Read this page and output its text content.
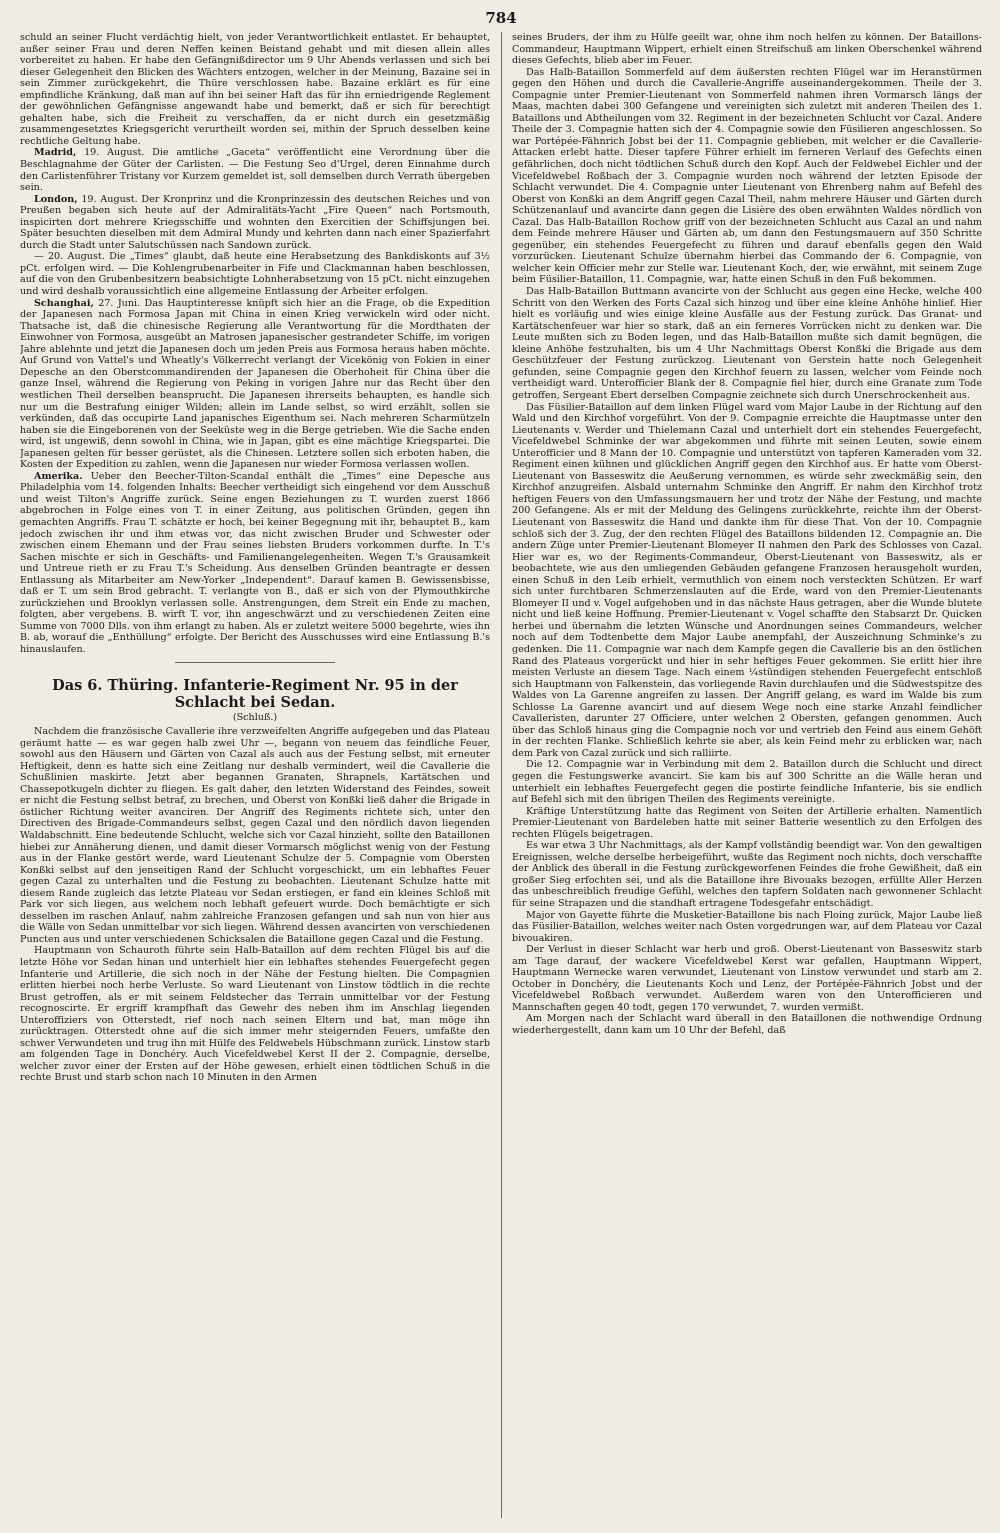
784

schuld an seiner Flucht verdächtig hielt, von jeder Verantwortlichkeit entlastet. Er behauptet, außer seiner Frau und deren Neffen keinen Beistand gehabt und mit diesen allein alles vorbereitet zu haben. Er habe den Gefängnißdirector um 9 Uhr Abends verlassen und sich bei dieser Gelegenheit den Blicken des Wächters entzogen, welcher in der Meinung, Bazaine sei in sein Zimmer zurückgekehrt, die Thüre verschlossen habe. Bazaine erklärt es für eine empfindliche Kränkung, daß man auf ihn bei seiner Haft das für ihn erniedrigende Reglement der gewöhnlichen Gefängnisse angewandt habe und bemerkt, daß er sich für berechtigt gehalten habe, sich die Freiheit zu verschaffen, da er nicht durch ein gesetzmäßig zusammengesetztes Kriegsgericht verurtheilt worden sei, mithin der Spruch desselben keine rechtliche Geltung habe.

Madrid, 19. August. Die amtliche „Gaceta“ veröffentlicht eine Verordnung über die Beschlagnahme der Güter der Carlisten. — Die Festung Seo d'Urgel, deren Einnahme durch den Carlistenführer Tristany vor Kurzem gemeldet ist, soll demselben durch Verrath übergeben sein.

London, 19. August. Der Kronprinz und die Kronprinzessin des deutschen Reiches und von Preußen begaben sich heute auf der Admiralitäts-Yacht „Fire Queen“ nach Portsmouth, inspicirten dort mehrere Kriegsschiffe und wohnten den Exercitien der Schiffsjungen bei. Später besuchten dieselben mit dem Admiral Mundy und kehrten dann nach einer Spazierfahrt durch die Stadt unter Salutschüssen nach Sandown zurück.

— 20. August. Die „Times“ glaubt, daß heute eine Herabsetzung des Bankdiskonts auf 3½ pCt. erfolgen wird. — Die Kohlengrubenarbeiter in Fife und Clackmannan haben beschlossen, auf die von den Grubenbesitzern beabsichtigte Lohnherabsetzung von 15 pCt. nicht einzugehen und wird deshalb voraussichtlich eine allgemeine Entlassung der Arbeiter erfolgen.

Schanghai, 27. Juni. Das Hauptinteresse knüpft sich hier an die Frage, ob die Expedition der Japanesen nach Formosa Japan mit China in einen Krieg verwickeln wird oder nicht. Thatsache ist, daß die chinesische Regierung alle Verantwortung für die Mordthaten der Einwohner von Formosa, ausgeübt an Matrosen japanesischer gestrandeter Schiffe, im vorigen Jahre ablehnte und jetzt die Japanesen doch um jeden Preis aus Formosa heraus haben möchte. Auf Grund von Vattel's und Wheatly's Völkerrecht verlangt der Vicekönig von Fokien in einer Depesche an den Oberstcommandirenden der Japanesen die Oberhoheit für China über die ganze Insel, während die Regierung von Peking in vorigen Jahre nur das Recht über den westlichen Theil derselben beansprucht. Die Japanesen ihrerseits behaupten, es handle sich nur um die Bestrafung einiger Wilden; allein im Lande selbst, so wird erzählt, sollen sie verkünden, daß das occupirte Land japanisches Eigenthum sei. Nach mehreren Scharmützeln haben sie die Eingeborenen von der Seeküste weg in die Berge getrieben. Wie die Sache enden wird, ist ungewiß, denn sowohl in China, wie in Japan, gibt es eine mächtige Kriegspartei. Die Japanesen gelten für besser gerüstet, als die Chinesen. Letztere sollen sich erboten haben, die Kosten der Expedition zu zahlen, wenn die Japanesen nur wieder Formosa verlassen wollen.

Amerika. Ueber den Beecher-Tilton-Scandal enthält die „Times“ eine Depesche aus Philadelphia vom 14. folgenden Inhalts: Beecher vertheidigt sich eingehend vor dem Ausschuß und weist Tilton's Angriffe zurück. Seine engen Beziehungen zu T. wurden zuerst 1866 abgebrochen in Folge eines von T. in einer Zeitung, aus politischen Gründen, gegen ihn gemachten Angriffs. Frau T. schätzte er hoch, bei keiner Begegnung mit ihr, behauptet B., kam jedoch zwischen ihr und ihm etwas vor, das nicht zwischen Bruder und Schwester oder zwischen einem Ehemann und der Frau seines liebsten Bruders vorkommen durfte. In T.'s Sachen mischte er sich in Geschäfts- und Familienangelegenheiten. Wegen T.'s Grausamkeit und Untreue rieth er zu Frau T.'s Scheidung. Aus denselben Gründen beantragte er dessen Entlassung als Mitarbeiter am New-Yorker „Independent“. Darauf kamen B. Gewissensbisse, daß er T. um sein Brod gebracht. T. verlangte von B., daß er sich von der Plymouthkirche zurückziehen und Brooklyn verlassen solle. Anstrengungen, dem Streit ein Ende zu machen, folgten, aber vergebens. B. wirft T. vor, ihn angeschwärzt und zu verschiedenen Zeiten eine Summe von 7000 Dlls. von ihm erlangt zu haben. Als er zuletzt weitere 5000 begehrte, wies ihn B. ab, worauf die „Enthüllung“ erfolgte. Der Bericht des Ausschusses wird eine Entlassung B.'s hinauslaufen.

Das 6. Thüring. Infanterie-Regiment Nr. 95 in der Schlacht bei Sedan.
(Schluß.)

Nachdem die französische Cavallerie ihre verzweifelten Angriffe aufgegeben und das Plateau geräumt hatte — es war gegen halb zwei Uhr —, begann von neuem das feindliche Feuer, sowohl aus den Häusern und Gärten von Cazal als auch aus der Festung selbst, mit erneuter Heftigkeit, denn es hatte sich eine Zeitlang nur deshalb vermindert, weil die Cavallerie die Schußlinien maskirte. Jetzt aber begannen Granaten, Shrapnels, Kartätschen und Chassepotkugeln dichter zu fliegen. Es galt daher, den letzten Widerstand des Feindes, soweit er nicht die Festung selbst betraf, zu brechen, und Oberst von Konßki ließ daher die Brigade in östlicher Richtung weiter avanciren. Der Angriff des Regiments richtete sich, unter den Directiven des Brigade-Commandeurs selbst, gegen Cazal und den nördlich davon liegenden Waldabschnitt. Eine bedeutende Schlucht, welche sich vor Cazal hinzieht, sollte den Bataillonen hiebei zur Annäherung dienen, und damit dieser Vormarsch möglichst wenig von der Festung aus in der Flanke gestört werde, ward Lieutenant Schulze der 5. Compagnie vom Obersten Konßki selbst auf den jenseitigen Rand der Schlucht vorgeschickt, um ein lebhaftes Feuer gegen Cazal zu unterhalten und die Festung zu beobachten. Lieutenant Schulze hatte mit diesem Rande zugleich das letzte Plateau vor Sedan erstiegen, er fand ein kleines Schloß mit Park vor sich liegen, aus welchem noch lebhaft gefeuert wurde. Doch bemächtigte er sich desselben im raschen Anlauf, nahm zahlreiche Franzosen gefangen und sah nun von hier aus die Wälle von Sedan unmittelbar vor sich liegen. Während dessen avancirten von verschiedenen Puncten aus und unter verschiedenen Schicksalen die Bataillone gegen Cazal und die Festung.

Hauptmann von Schauroth führte sein Halb-Bataillon auf dem rechten Flügel bis auf die letzte Höhe vor Sedan hinan und unterhielt hier ein lebhaftes stehendes Feuergefecht gegen Infanterie und Artillerie, die sich noch in der Nähe der Festung hielten. Die Compagnien erlitten hierbei noch herbe Verluste. So ward Lieutenant von Linstow tödtlich in die rechte Brust getroffen, als er mit seinem Feldstecher das Terrain unmittelbar vor der Festung recognoscirte. Er ergriff krampfhaft das Gewehr des neben ihm im Anschlag liegenden Unteroffiziers von Otterstedt, rief noch nach seinen Eltern und bat, man möge ihn zurücktragen. Otterstedt ohne auf die sich immer mehr steigernden Feuers, umfaßte den schwer Verwundeten und trug ihn mit Hülfe des Feldwebels Hübschmann zurück. Linstow starb am folgenden Tage in Donchéry. Auch Vicefeldwebel Kerst II der 2. Compagnie, derselbe, welcher zuvor einer der Ersten auf der Höhe gewesen, erhielt einen tödtlichen Schuß in die rechte Brust und starb schon nach 10 Minuten in den Armen

seines Bruders, der ihm zu Hülfe geeilt war, ohne ihm noch helfen zu können. Der Bataillons-Commandeur, Hauptmann Wippert, erhielt einen Streifschuß am linken Oberschenkel während dieses Gefechts, blieb aber im Feuer.

Das Halb-Bataillon Sommerfeld auf dem äußersten rechten Flügel war im Heranstürmen gegen den Höhen und durch die Cavallerie-Angriffe auseinandergekommen. Theile der 3. Compagnie unter Premier-Lieutenant von Sommerfeld nahmen ihren Vormarsch längs der Maas, machten dabei 300 Gefangene und vereinigten sich zuletzt mit anderen Theilen des 1. Bataillons und Abtheilungen vom 32. Regiment in der bezeichneten Schlucht vor Cazal. Andere Theile der 3. Compagnie hatten sich der 4. Compagnie sowie den Füsilieren angeschlossen. So war Portépée-Fähnrich Jobst bei der 11. Compagnie geblieben, mit welcher er die Cavallerie-Attacken erlebt hatte. Dieser tapfere Führer erhielt im ferneren Verlauf des Gefechts einen gefährlichen, doch nicht tödtlichen Schuß durch den Kopf. Auch der Feldwebel Eichler und der Vicefeldwebel Roßbach der 3. Compagnie wurden noch während der letzten Episode der Schlacht verwundet. Die 4. Compagnie unter Lieutenant von Ehrenberg nahm auf Befehl des Oberst von Konßki an dem Angriff gegen Cazal Theil, nahm mehrere Häuser und Gärten durch Schützenanlauf und avancirte dann gegen die Lisière des oben erwähnten Waldes nördlich von Cazal. Das Halb-Bataillon Rochow griff von der bezeichneten Schlucht aus Cazal an und nahm dem Feinde mehrere Häuser und Gärten ab, um dann den Festungsmauern auf 350 Schritte gegenüber, ein stehendes Feuergefecht zu führen und darauf ebenfalls gegen den Wald vorzurücken. Lieutenant Schulze übernahm hierbei das Commando der 6. Compagnie, von welcher kein Officier mehr zur Stelle war. Lieutenant Koch, der, wie erwähnt, mit seinem Zuge beim Füsilier-Bataillon, 11. Compagnie, war, hatte einen Schuß in den Fuß bekommen.

Das Halb-Bataillon Buttmann avancirte von der Schlucht aus gegen eine Hecke, welche 400 Schritt von den Werken des Forts Cazal sich hinzog und über eine kleine Anhöhe hinlief. Hier hielt es vorläufig und wies einige kleine Ausfälle aus der Festung zurück. Das Granat- und Kartätschenfeuer war hier so stark, daß an ein ferneres Vorrücken nicht zu denken war. Die Leute mußten sich zu Boden legen, und das Halb-Bataillon mußte sich damit begnügen, die kleine Anhöhe festzuhalten, bis um 4 Uhr Nachmittags Oberst Konßki die Brigade aus dem Geschützfeuer der Festung zurückzog. Lieutenant von Gerstein hatte noch Gelegenheit gefunden, seine Compagnie gegen den Kirchhof feuern zu lassen, welcher vom Feinde noch vertheidigt ward. Unterofficier Blank der 8. Compagnie fiel hier, durch eine Granate zum Tode getroffen, Sergeant Ebert derselben Compagnie zeichnete sich durch Unerschrockenheit aus.

Das Füsilier-Bataillon auf dem linken Flügel ward vom Major Laube in der Richtung auf den Wald und den Kirchhof vorgeführt. Von der 9. Compagnie erreichte die Hauptmasse unter den Lieutenants v. Werder und Thielemann Cazal und unterhielt dort ein stehendes Feuergefecht, Vicefeldwebel Schminke der war abgekommen und führte mit seinen Leuten, sowie einem Unterofficier und 8 Mann der 10. Compagnie und unterstützt von tapferen Kameraden vom 32. Regiment einen kühnen und glücklichen Angriff gegen den Kirchhof aus. Er hatte vom Oberst-Lieutenant von Basseswitz die Aeußerung vernommen, es würde sehr zweckmäßig sein, den Kirchhof anzugreifen. Alsbald unternahm Schminke den Angriff. Er nahm den Kirchhof trotz heftigen Feuers von den Umfassungsmauern her und trotz der Nähe der Festung, und machte 200 Gefangene. Als er mit der Meldung des Gelingens zurückkehrte, reichte ihm der Oberst-Lieutenant von Basseswitz die Hand und dankte ihm für diese That. Von der 10. Compagnie schloß sich der 3. Zug, der den rechten Flügel des Bataillons bildenden 12. Compagnie an. Die andern Züge unter Premier-Lieutenant Blomeyer II nahmen den Park des Schlosses von Cazal. Hier war es, wo der Regiments-Commandeur, Oberst-Lieutenant von Basseswitz, als er beobachtete, wie aus den umliegenden Gebäuden gefangene Franzosen herausgeholt wurden, einen Schuß in den Leib erhielt, vermuthlich von einem noch versteckten Schützen. Er warf sich unter furchtbaren Schmerzenslauten auf die Erde, ward von den Premier-Lieutenants Blomeyer II und v. Vogel aufgehoben und in das nächste Haus getragen, aber die Wunde blutete nicht und ließ keine Hoffnung. Premier-Lieutenant v. Vogel schaffte den Stabsarzt Dr. Quicken herbei und übernahm die letzten Wünsche und Anordnungen seines Commandeurs, welcher noch auf dem Todtenbette dem Major Laube anempfahl, der Auszeichnung Schminke's zu gedenken. Die 11. Compagnie war nach dem Kampfe gegen die Cavallerie bis an den östlichen Rand des Plateaus vorgerückt und hier in sehr heftiges Feuer gekommen. Sie erlitt hier ihre meisten Verluste an diesem Tage. Nach einem ¼stündigen stehenden Feuergefecht entschloß sich Hauptmann von Falkenstein, das vorliegende Ravin durchlaufen und die Südwestspitze des Waldes von La Garenne angreifen zu lassen. Der Angriff gelang, es ward im Walde bis zum Schlosse La Garenne avancirt und auf diesem Wege noch eine starke Anzahl feindlicher Cavalleristen, darunter 27 Officiere, unter welchen 2 Obersten, gefangen genommen. Auch über das Schloß hinaus ging die Compagnie noch vor und vertrieb den Feind aus einem Gehöft in der rechten Flanke. Schließlich kehrte sie aber, als kein Feind mehr zu erblicken war, nach dem Park von Cazal zurück und sich ralliirte.

Die 12. Compagnie war in Verbindung mit dem 2. Bataillon durch die Schlucht und direct gegen die Festungswerke avancirt. Sie kam bis auf 300 Schritte an die Wälle heran und unterhielt ein lebhaftes Feuergefecht gegen die postirte feindliche Infanterie, bis sie endlich auf Befehl sich mit den übrigen Theilen des Regiments vereinigte.

Kräftige Unterstützung hatte das Regiment von Seiten der Artillerie erhalten. Namentlich Premier-Lieutenant von Bardeleben hatte mit seiner Batterie wesentlich zu den Erfolgen des rechten Flügels beigetragen.

Es war etwa 3 Uhr Nachmittags, als der Kampf vollständig beendigt war. Von den gewaltigen Ereignissen, welche derselbe herbeigeführt, wußte das Regiment noch nichts, doch verschaffte der Anblick des überall in die Festung zurückgeworfenen Feindes die frohe Gewißheit, daß ein großer Sieg erfochten sei, und als die Bataillone ihre Bivouaks bezogen, erfüllte Aller Herzen das unbeschreiblich freudige Gefühl, welches den tapfern Soldaten nach gewonnener Schlacht für seine Strapazen und die standhaft ertragene Todesgefahr entschädigt.

Major von Gayette führte die Musketier-Bataillone bis nach Floing zurück, Major Laube ließ das Füsilier-Bataillon, welches weiter nach Osten vorgedrungen war, auf dem Plateau vor Cazal bivouakiren.

Der Verlust in dieser Schlacht war herb und groß. Oberst-Lieutenant von Basseswitz starb am Tage darauf, der wackere Vicefeldwebel Kerst war gefallen, Hauptmann Wippert, Hauptmann Wernecke waren verwundet, Lieutenant von Linstow verwundet und starb am 2. October in Donchéry, die Lieutenants Koch und Lenz, der Portépée-Fähnrich Jobst und der Vicefeldwebel Roßbach verwundet. Außerdem waren von den Unterofficieren und Mannschaften gegen 40 todt, gegen 170 verwundet, 7. wurden vermißt.

Am Morgen nach der Schlacht ward überall in den Bataillonen die nothwendige Ordnung wiederhergestellt, dann kam um 10 Uhr der Befehl, daß
